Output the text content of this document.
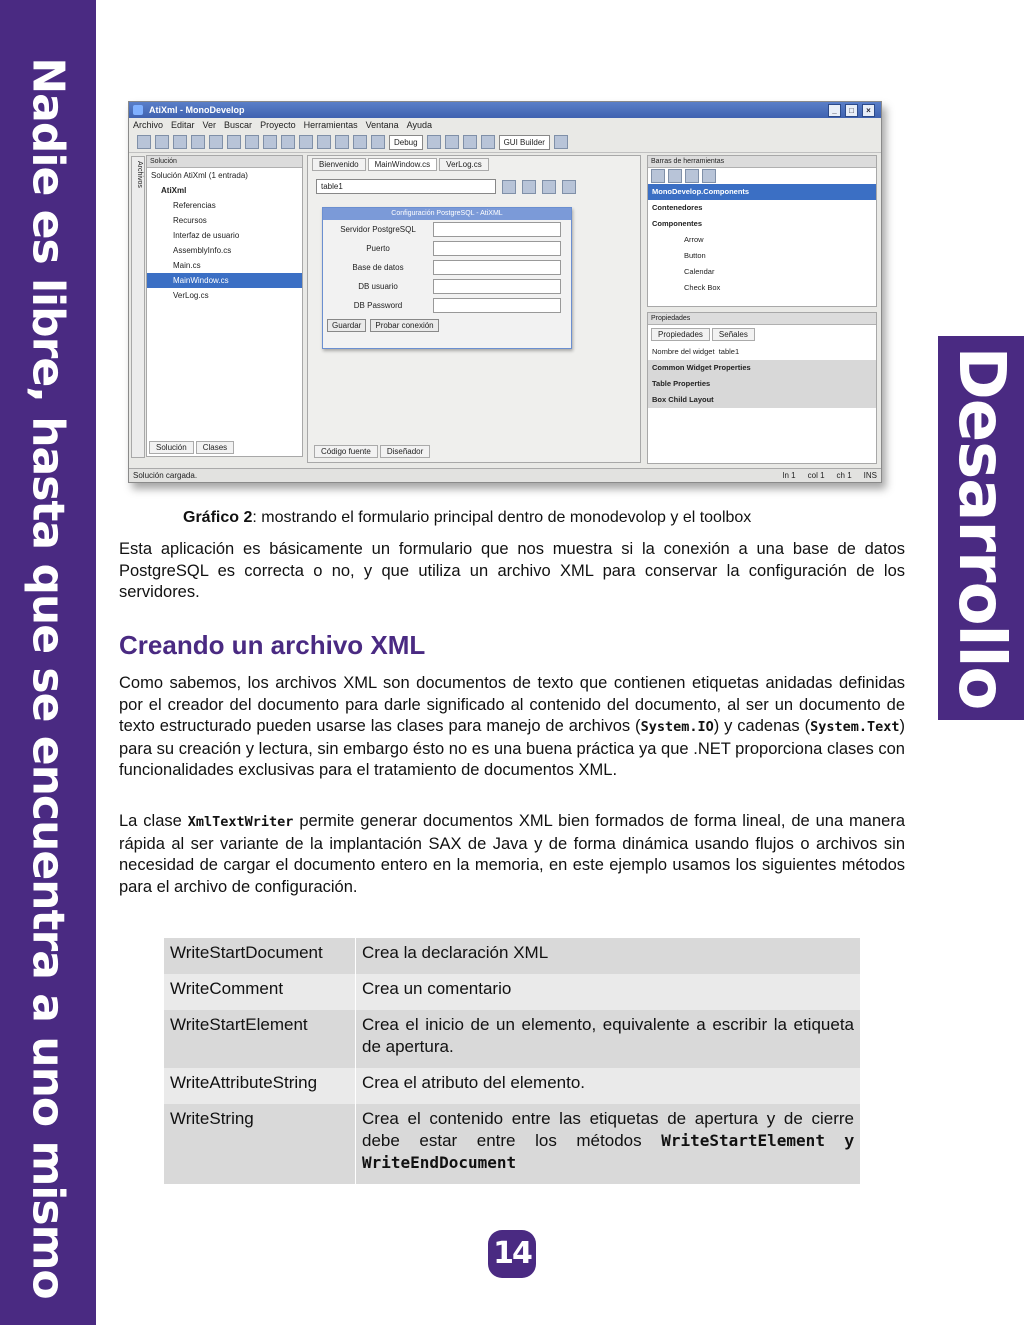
Nadie es libre, hasta que se encuentra a uno mismo	Desarrollo
AtiXml - MonoDevelop	_	□	×
Archivo Editar Ver Buscar Proyecto Herramientas Ventana Ayuda
Debug	GUI Builder
Archivos	Solución
Solución AtiXml (1 entrada)
AtiXml
Referencias
Recursos
Interfaz de usuario
AssemblyInfo.cs
Main.cs
MainWindow.cs
VerLog.cs
Solución	Clases
Bienvenido	MainWindow.cs	VerLog.cs
table1
Código fuente	Diseñador
Configuración PostgreSQL - AtiXML
Servidor PostgreSQL
Puerto
Base de datos
DB usuario
DB Password
Guardar	Probar conexión
Barras de herramientas
MonoDevelop.Components
Contenedores
Componentes
Arrow
Button
Calendar
Check Box
Propiedades
Propiedades	Señales
Nombre del widget table1
Common Widget Properties
Table Properties
Box Child Layout
Solución cargada.	ln 1 col 1 ch 1 INS
Gráfico 2: mostrando el formulario principal dentro de monodevolop y el toolbox
Esta aplicación es básicamente un formulario que nos muestra si la conexión a una base de datos PostgreSQL es correcta o no, y que utiliza un archivo XML para conservar la configuración de los servidores.
Creando un archivo XML
Como sabemos, los archivos XML son documentos de texto que contienen etiquetas anidadas definidas por el creador del documento para darle significado al contenido del documento, al ser un documento de texto estructurado pueden usarse las clases para manejo de archivos (System.IO) y cadenas (System.Text) para su creación y lectura, sin embargo ésto no es una buena práctica ya que .NET proporciona clases con funcionalidades exclusivas para el tratamiento de documentos XML.
La clase XmlTextWriter permite generar documentos XML bien formados de forma lineal, de una manera rápida al ser variante de la implantación SAX de Java y de forma dinámica usando flujos o archivos sin necesidad de cargar el documento entero en la memoria, en este ejemplo usamos los siguientes métodos para el archivo de configuración.
WriteStartDocument	Crea la declaración XML
WriteComment	Crea un comentario
WriteStartElement	Crea el inicio de un elemento, equivalente a escribir la etiqueta de apertura.
WriteAttributeString	Crea el atributo del elemento.
WriteString	Crea el contenido entre las etiquetas de apertura y de cierre debe estar entre los métodos WriteStartElement y WriteEndDocument
14
